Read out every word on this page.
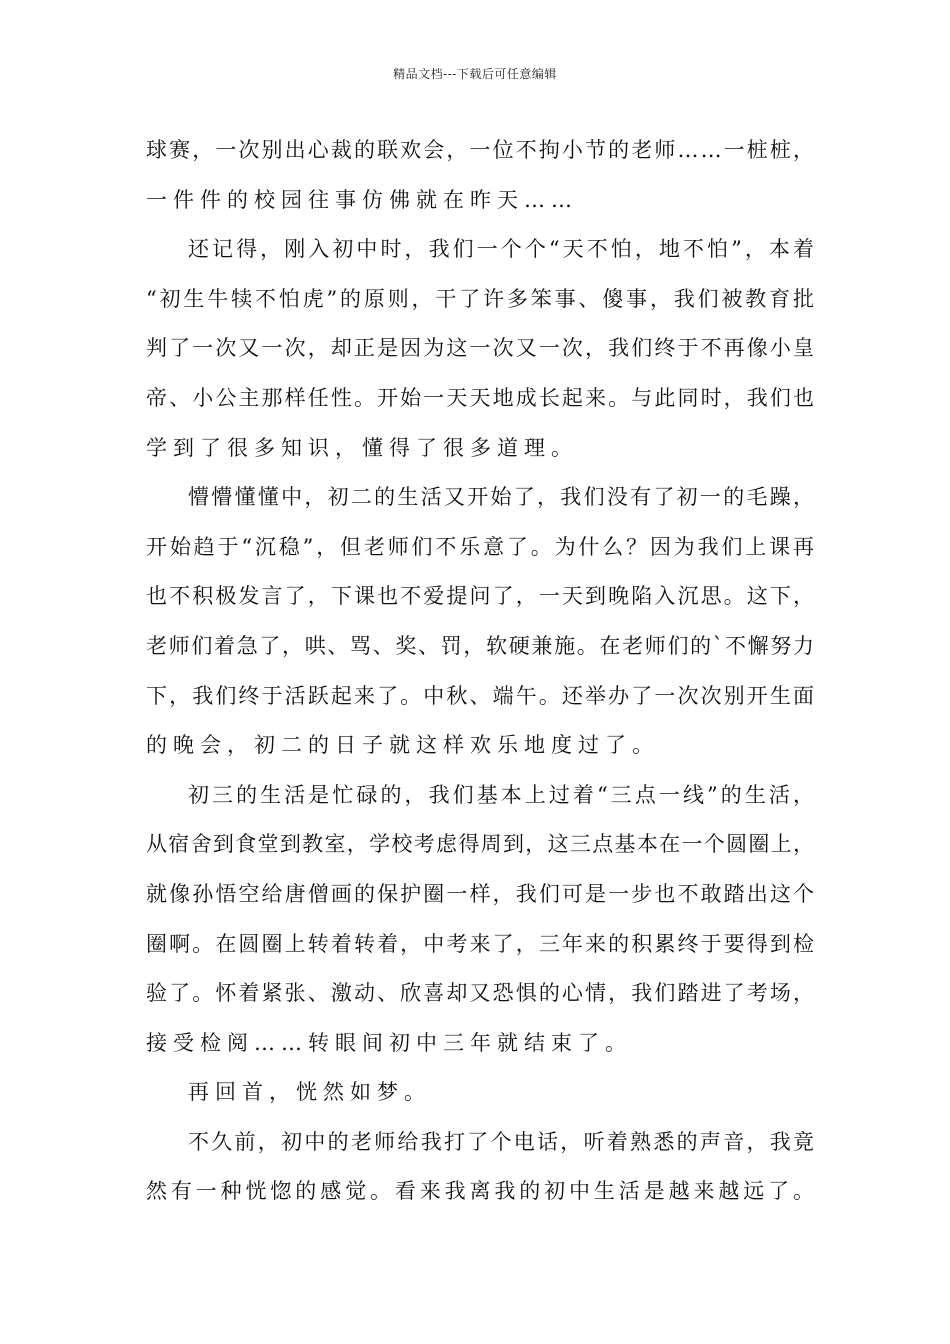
精品文档---下载后可任意编辑
球赛，一次别出心裁的联欢会，一位不拘小节的老师……一桩桩，
一件件的校园往事仿佛就在昨天……
还记得，刚入初中时，我们一个个“天不怕，地不怕”，本着
“初生牛犊不怕虎”的原则，干了许多笨事、傻事，我们被教育批
判了一次又一次，却正是因为这一次又一次，我们终于不再像小皇
帝、小公主那样任性。开始一天天地成长起来。与此同时，我们也
学到了很多知识，懂得了很多道理。
懵懵懂懂中，初二的生活又开始了，我们没有了初一的毛躁，
开始趋于“沉稳”，但老师们不乐意了。为什么？因为我们上课再
也不积极发言了，下课也不爱提问了，一天到晚陷入沉思。这下，
老师们着急了，哄、骂、奖、罚，软硬兼施。在老师们的`不懈努力
下，我们终于活跃起来了。中秋、端午。还举办了一次次别开生面
的晚会，初二的日子就这样欢乐地度过了。
初三的生活是忙碌的，我们基本上过着“三点一线”的生活，
从宿舍到食堂到教室，学校考虑得周到，这三点基本在一个圆圈上，
就像孙悟空给唐僧画的保护圈一样，我们可是一步也不敢踏出这个
圈啊。在圆圈上转着转着，中考来了，三年来的积累终于要得到检
验了。怀着紧张、激动、欣喜却又恐惧的心情，我们踏进了考场，
接受检阅……转眼间初中三年就结束了。
再回首，恍然如梦。
不久前，初中的老师给我打了个电话，听着熟悉的声音，我竟
然有一种恍惚的感觉。看来我离我的初中生活是越来越远了。
